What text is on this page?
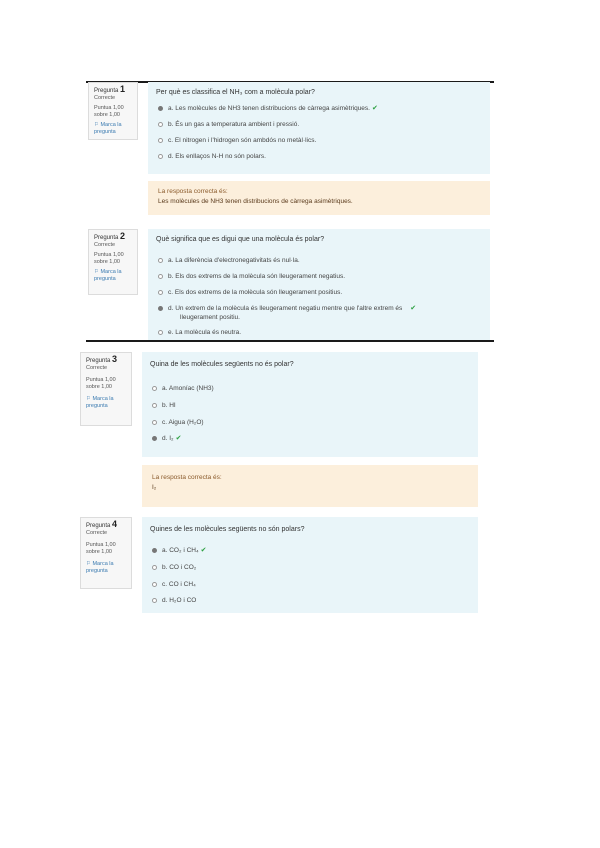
Pregunta 1
Correcte
Puntua 1,00 sobre 1,00
⚐ Marca la pregunta
Per què es classifica el NH₃ com a molècula polar?
a. Les molècules de NH3 tenen distribucions de càrrega asimètriques. ✔
b. És un gas a temperatura ambient i pressió.
c. El nitrogen i l'hidrogen són ambdós no metàl·lics.
d. Els enllaços N-H no són polars.
La resposta correcta és:
Les molècules de NH3 tenen distribucions de càrrega asimètriques.
Pregunta 2
Correcte
Puntua 1,00 sobre 1,00
⚐ Marca la pregunta
Què significa que es digui que una molècula és polar?
a. La diferència d'electronegativitats és nul·la.
b. Els dos extrems de la molècula són lleugerament negatius.
c. Els dos extrems de la molècula són lleugerament positius.
d. Un extrem de la molècula és lleugerament negatiu mentre que l'altre extrem és ✔
lleugerament positiu.
e. La molècula és neutra.
Pregunta 3
Correcte
Puntua 1,00 sobre 1,00
⚐ Marca la pregunta
Quina de les molècules següents no és polar?
a. Amoníac (NH3)
b. HI
c. Aigua (H₂O)
d. I₂ ✔
La resposta correcta és:
I₂
Pregunta 4
Correcte
Puntua 1,00 sobre 1,00
⚐ Marca la pregunta
Quines de les molècules següents no són polars?
a. CO₂ i CH₄ ✔
b. CO i CO₂
c. CO i CH₄
d. H₂O i CO
